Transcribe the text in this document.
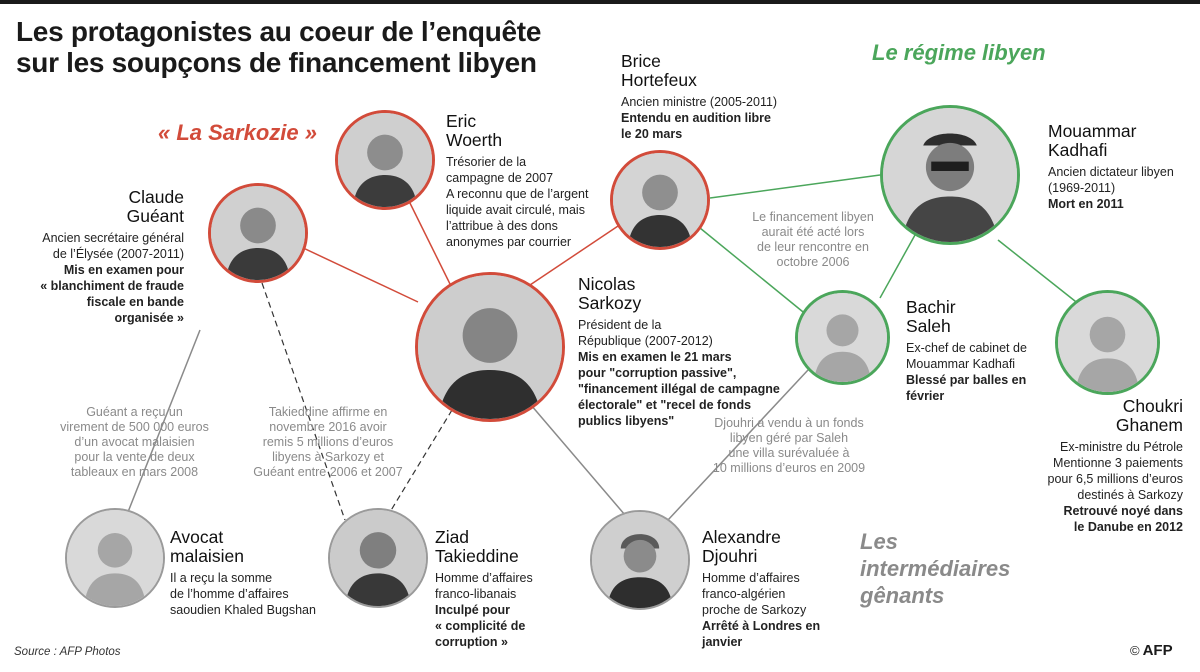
Les protagonistes au coeur de l’enquête
sur les soupçons de financement libyen
« La Sarkozie »
Le régime libyen
Les
intermédiaires
gênants
Eric
Woerth
Trésorier de la
campagne de 2007
A reconnu que de l’argent
liquide avait circulé, mais
l’attribue à des dons
anonymes par courrier
Brice
Hortefeux
Ancien ministre (2005-2011)
Entendu en audition libre
le 20 mars	Mouammar
Kadhafi
Ancien dictateur libyen
(1969-2011)
Mort en 2011
Claude
Guéant
Ancien secrétaire général
de l’Élysée (2007-2011)
Mis en examen pour
« blanchiment de fraude
fiscale en bande
organisée »
Nicolas
Sarkozy
Président de la
République (2007-2012)
Mis en examen le 21 mars
pour "corruption passive",
"financement illégal de campagne
électorale" et "recel de fonds
publics libyens"
Bachir
Saleh
Ex-chef de cabinet de
Mouammar Kadhafi
Blessé par balles en
février	Choukri
Ghanem
Ex-ministre du Pétrole
Mentionne 3 paiements
pour 6,5 millions d’euros
destinés à Sarkozy
Retrouvé noyé dans
le Danube en 2012
Avocat
malaisien
Il a reçu la somme
de l’homme d’affaires
saoudien Khaled Bugshan
Ziad
Takieddine
Homme d’affaires
franco-libanais
Inculpé pour
« complicité de
corruption »
Alexandre
Djouhri
Homme d’affaires
franco-algérien
proche de Sarkozy
Arrêté à Londres en
janvier
Le financement libyen
aurait été acté lors
de leur rencontre en
octobre 2006
Guéant a reçu un
virement de 500 000 euros
d’un avocat malaisien
pour la vente de deux
tableaux en mars 2008
Takieddine affirme en
novembre 2016 avoir
remis 5 millions d’euros
libyens à Sarkozy et
Guéant entre 2006 et 2007
Djouhri a vendu à un fonds
libyen géré par Saleh
une villa surévaluée à
10 millions d’euros en 2009
Source : AFP Photos	© AFP
